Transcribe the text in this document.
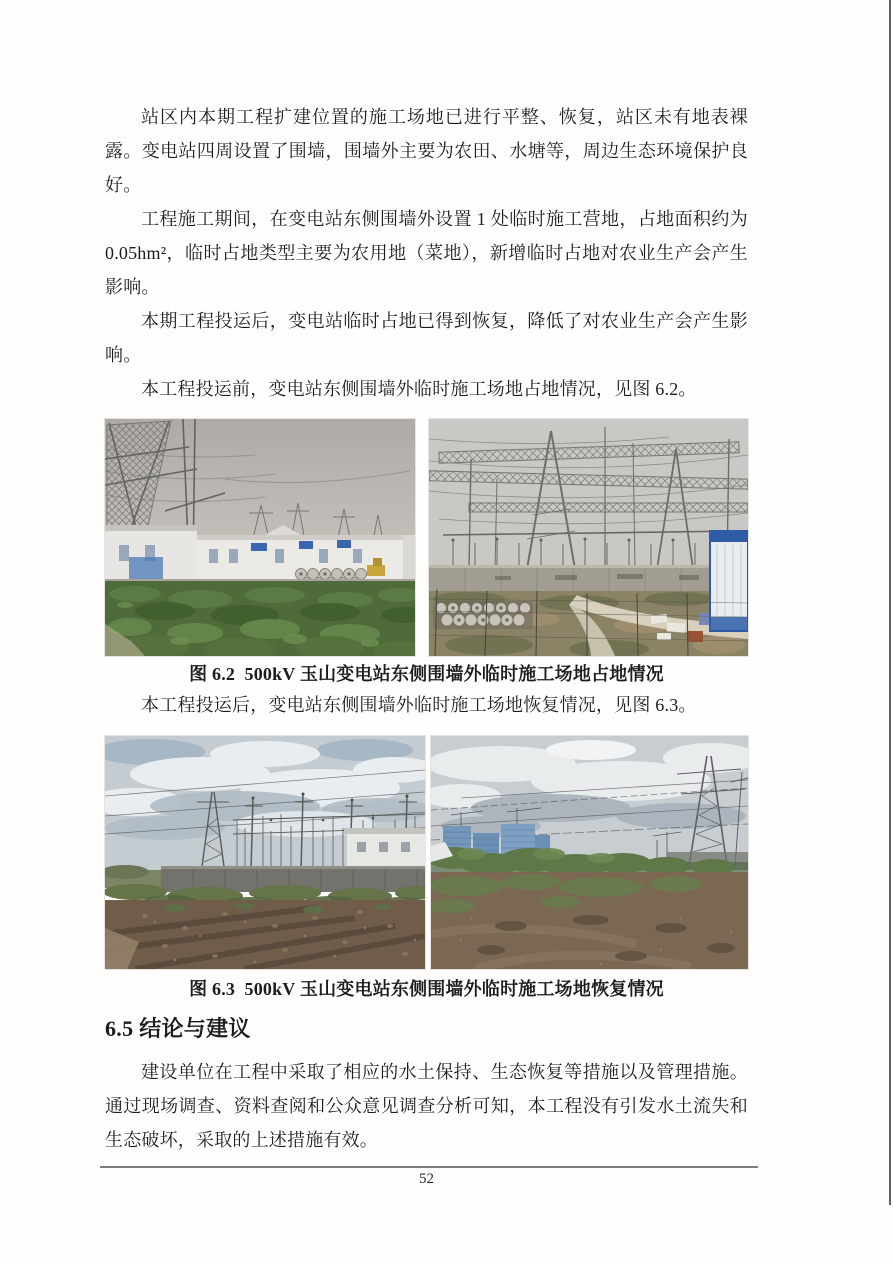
站区内本期工程扩建位置的施工场地已进行平整、恢复，站区未有地表裸露。变电站四周设置了围墙，围墙外主要为农田、水塘等，周边生态环境保护良好。

工程施工期间，在变电站东侧围墙外设置 1 处临时施工营地，占地面积约为0.05hm²，临时占地类型主要为农用地（菜地），新增临时占地对农业生产会产生影响。

本期工程投运后，变电站临时占地已得到恢复，降低了对农业生产会产生影响。

本工程投运前，变电站东侧围墙外临时施工场地占地情况，见图 6.2。

图 6.2  500kV 玉山变电站东侧围墙外临时施工场地占地情况

本工程投运后，变电站东侧围墙外临时施工场地恢复情况，见图 6.3。

图 6.3  500kV 玉山变电站东侧围墙外临时施工场地恢复情况
6.5 结论与建议

建设单位在工程中采取了相应的水土保持、生态恢复等措施以及管理措施。通过现场调查、资料查阅和公众意见调查分析可知，本工程没有引发水土流失和生态破坏，采取的上述措施有效。

52
